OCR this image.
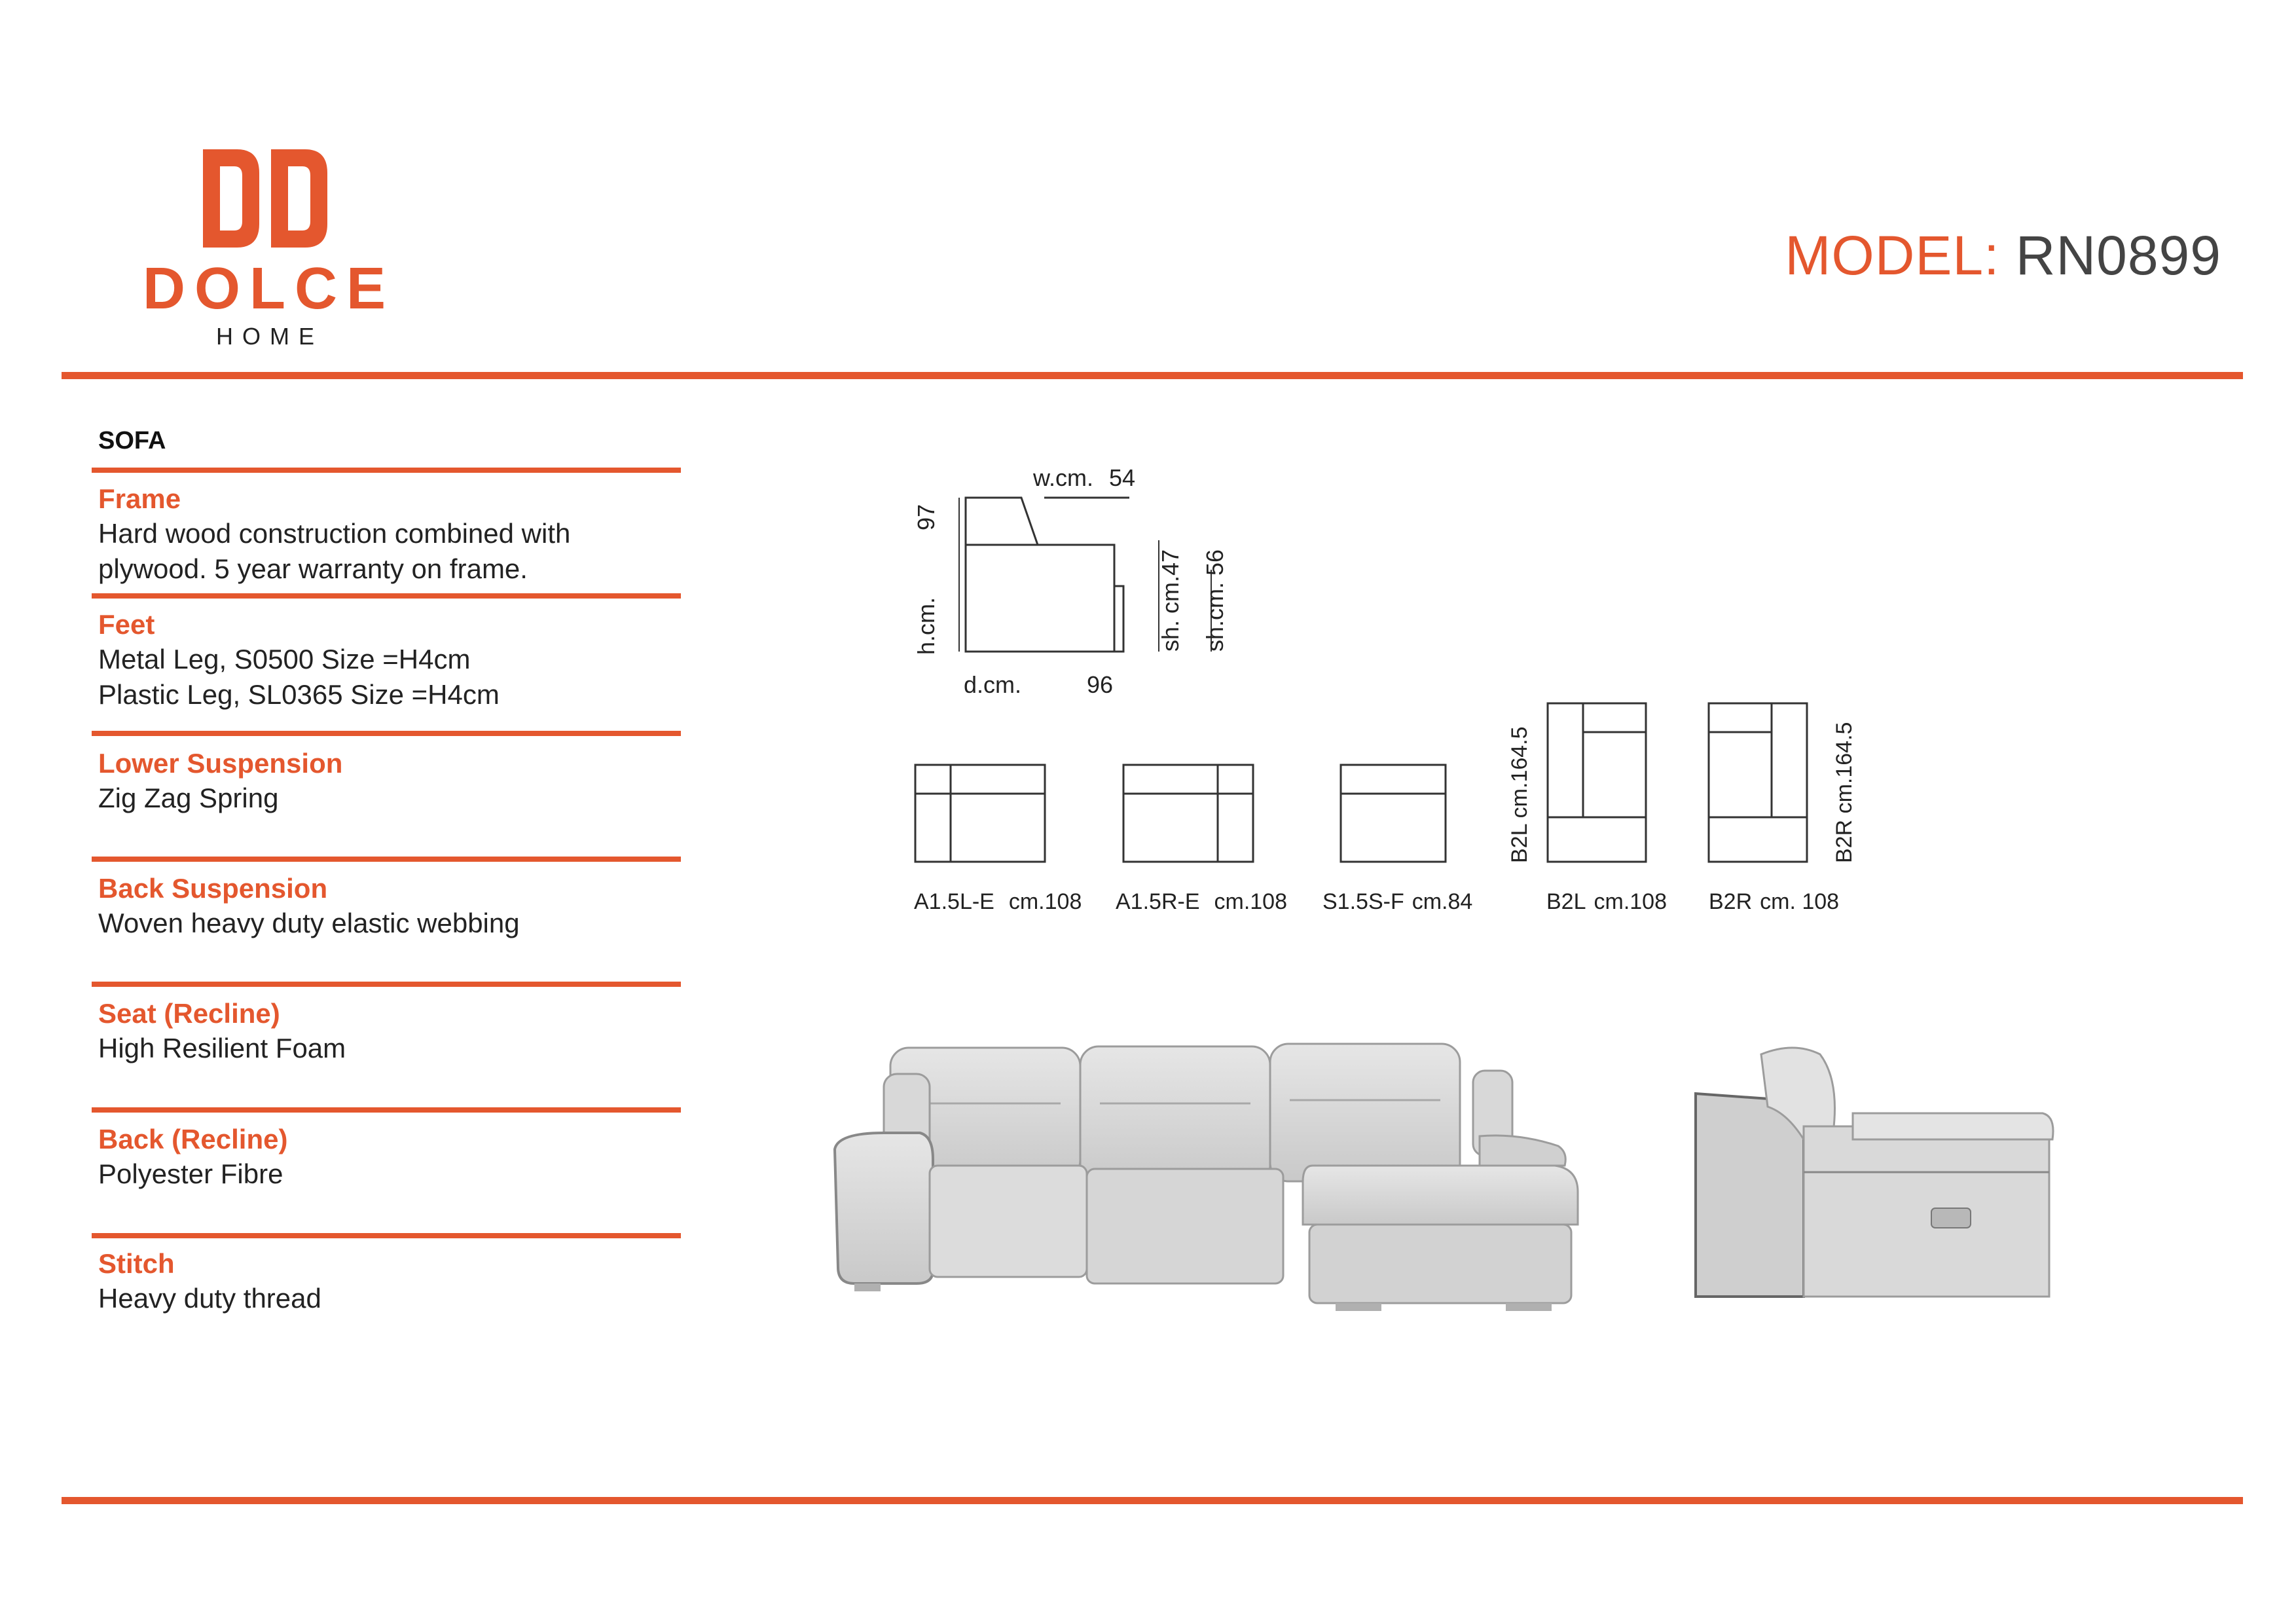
DOLCE
HOME
MODEL: RN0899
SOFA
Frame
Hard wood construction combined with
plywood. 5 year warranty on frame.
Feet
Metal Leg, S0500 Size =H4cm
Plastic Leg, SL0365 Size =H4cm
Lower Suspension
Zig Zag Spring
Back Suspension
Woven heavy duty elastic webbing
Seat (Recline)
High Resilient Foam
Back (Recline)
Polyester Fibre
Stitch
Heavy duty thread
w.cm. 54
97
h.cm.
d.cm.	96
sh. cm.47 sh.cm. 56
A1.5L-E cm.108 A1.5R-E cm.108 S1.5S-F cm.84	B2L cm.108 B2R cm. 108
B2L cm.164.5	B2R cm.164.5
